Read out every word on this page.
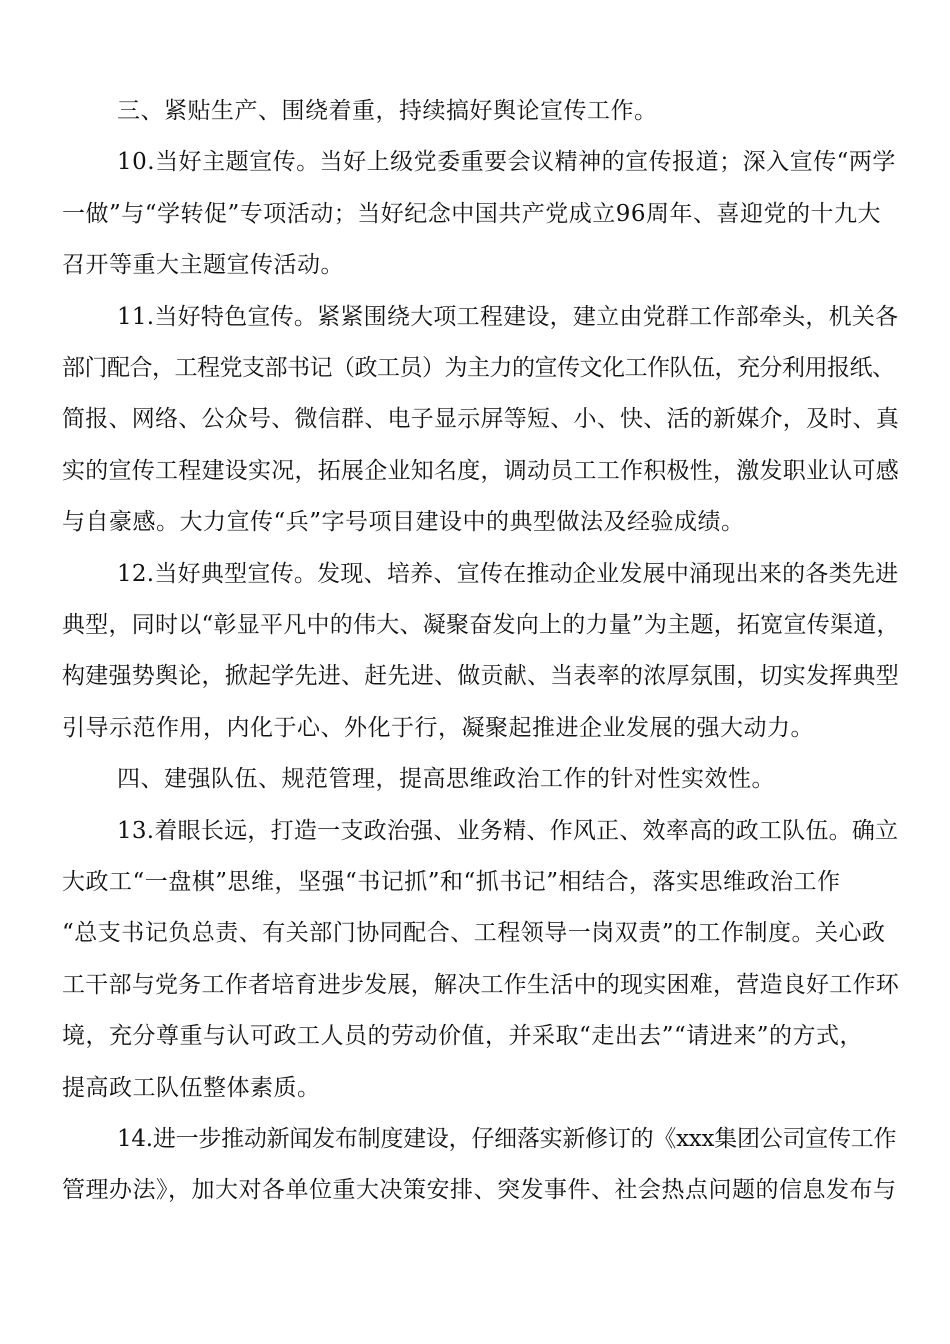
三、紧贴生产、围绕着重，持续搞好舆论宣传工作。

10.当好主题宣传。当好上级党委重要会议精神的宣传报道；深入宣传“两学

一做”与“学转促”专项活动；当好纪念中国共产党成立96周年、喜迎党的十九大

召开等重大主题宣传活动。

11.当好特色宣传。紧紧围绕大项工程建设，建立由党群工作部牵头，机关各

部门配合，工程党支部书记（政工员）为主力的宣传文化工作队伍，充分利用报纸、

简报、网络、公众号、微信群、电子显示屏等短、小、快、活的新媒介，及时、真

实的宣传工程建设实况，拓展企业知名度，调动员工工作积极性，激发职业认可感

与自豪感。大力宣传“兵”字号项目建设中的典型做法及经验成绩。

12.当好典型宣传。发现、培养、宣传在推动企业发展中涌现出来的各类先进

典型，同时以“彰显平凡中的伟大、凝聚奋发向上的力量”为主题，拓宽宣传渠道，

构建强势舆论，掀起学先进、赶先进、做贡献、当表率的浓厚氛围，切实发挥典型

引导示范作用，内化于心、外化于行，凝聚起推进企业发展的强大动力。

四、建强队伍、规范管理，提高思维政治工作的针对性实效性。

13.着眼长远，打造一支政治强、业务精、作风正、效率高的政工队伍。确立

大政工“一盘棋”思维，坚强“书记抓”和“抓书记”相结合，落实思维政治工作

“总支书记负总责、有关部门协同配合、工程领导一岗双责”的工作制度。关心政

工干部与党务工作者培育进步发展，解决工作生活中的现实困难，营造良好工作环

境，充分尊重与认可政工人员的劳动价值，并采取“走出去”“请进来”的方式，

提高政工队伍整体素质。

14.进一步推动新闻发布制度建设，仔细落实新修订的《xxx集团公司宣传工作

管理办法》，加大对各单位重大决策安排、突发事件、社会热点问题的信息发布与
